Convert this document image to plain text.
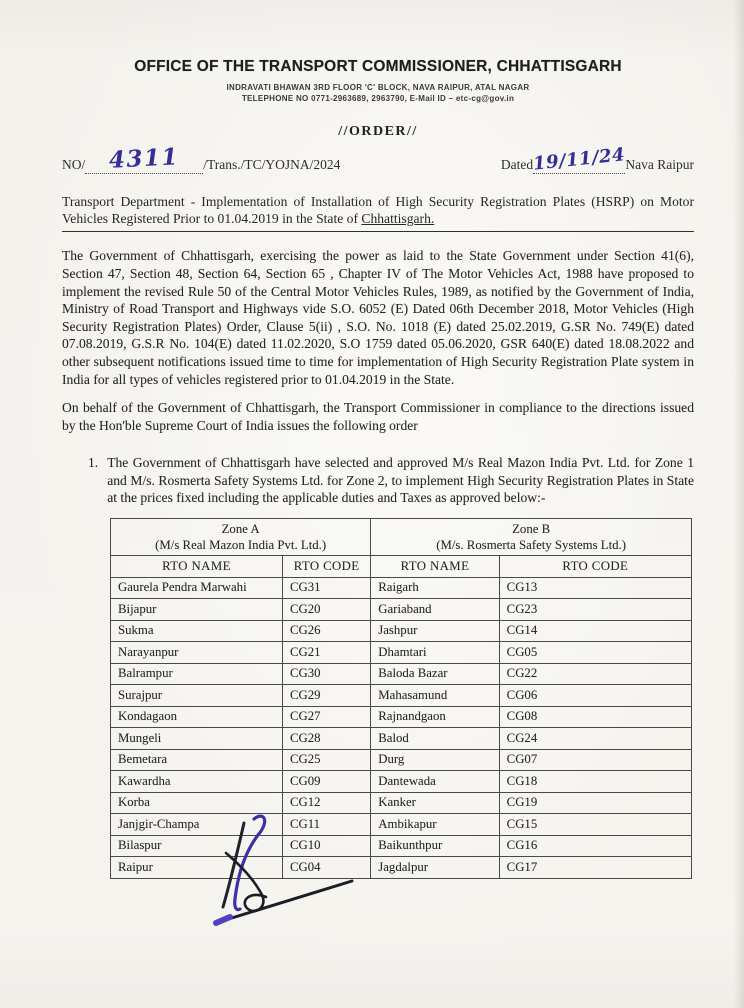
OFFICE OF THE TRANSPORT COMMISSIONER, CHHATTISGARH
INDRAVATI BHAWAN 3RD FLOOR 'C' BLOCK, NAVA RAIPUR, ATAL NAGAR
TELEPHONE NO 0771-2963689, 2963790, E-Mail ID – etc-cg@gov.in
//ORDER//
NO/ 4311 /Trans./TC/YOJNA/2024	Dated19/11/24Nava Raipur
Transport Department - Implementation of Installation of High Security Registration Plates (HSRP) on Motor Vehicles Registered Prior to 01.04.2019 in the State of Chhattisgarh.
The Government of Chhattisgarh, exercising the power as laid to the State Government under Section 41(6), Section 47, Section 48, Section 64, Section 65 , Chapter IV of The Motor Vehicles Act, 1988 have proposed to implement the revised Rule 50 of the Central Motor Vehicles Rules, 1989, as notified by the Government of India, Ministry of Road Transport and Highways vide S.O. 6052 (E) Dated 06th December 2018, Motor Vehicles (High Security Registration Plates) Order, Clause 5(ii) , S.O. No. 1018 (E) dated 25.02.2019, G.SR No. 749(E) dated 07.08.2019, G.S.R No. 104(E) dated 11.02.2020, S.O 1759 dated 05.06.2020, GSR 640(E) dated 18.08.2022 and other subsequent notifications issued time to time for implementation of High Security Registration Plate system in India for all types of vehicles registered prior to 01.04.2019 in the State.
On behalf of the Government of Chhattisgarh, the Transport Commissioner in compliance to the directions issued by the Hon'ble Supreme Court of India issues the following order
1. The Government of Chhattisgarh have selected and approved M/s Real Mazon India Pvt. Ltd. for Zone 1 and M/s. Rosmerta Safety Systems Ltd. for Zone 2, to implement High Security Registration Plates in State at the prices fixed including the applicable duties and Taxes as approved below:-
Zone A
(M/s Real Mazon India Pvt. Ltd.)		Zone B
(M/s. Rosmerta Safety Systems Ltd.)	

RTO NAME	RTO CODE	RTO NAME	RTO CODE
Gaurela Pendra Marwahi	CG31	Raigarh	CG13
Bijapur	CG20	Gariaband	CG23
Sukma	CG26	Jashpur	CG14
Narayanpur	CG21	Dhamtari	CG05
Balrampur	CG30	Baloda Bazar	CG22
Surajpur	CG29	Mahasamund	CG06
Kondagaon	CG27	Rajnandgaon	CG08
Mungeli	CG28	Balod	CG24
Bemetara	CG25	Durg	CG07
Kawardha	CG09	Dantewada	CG18
Korba	CG12	Kanker	CG19
Janjgir-Champa	CG11	Ambikapur	CG15
Bilaspur	CG10	Baikunthpur	CG16
Raipur	CG04	Jagdalpur	CG17
